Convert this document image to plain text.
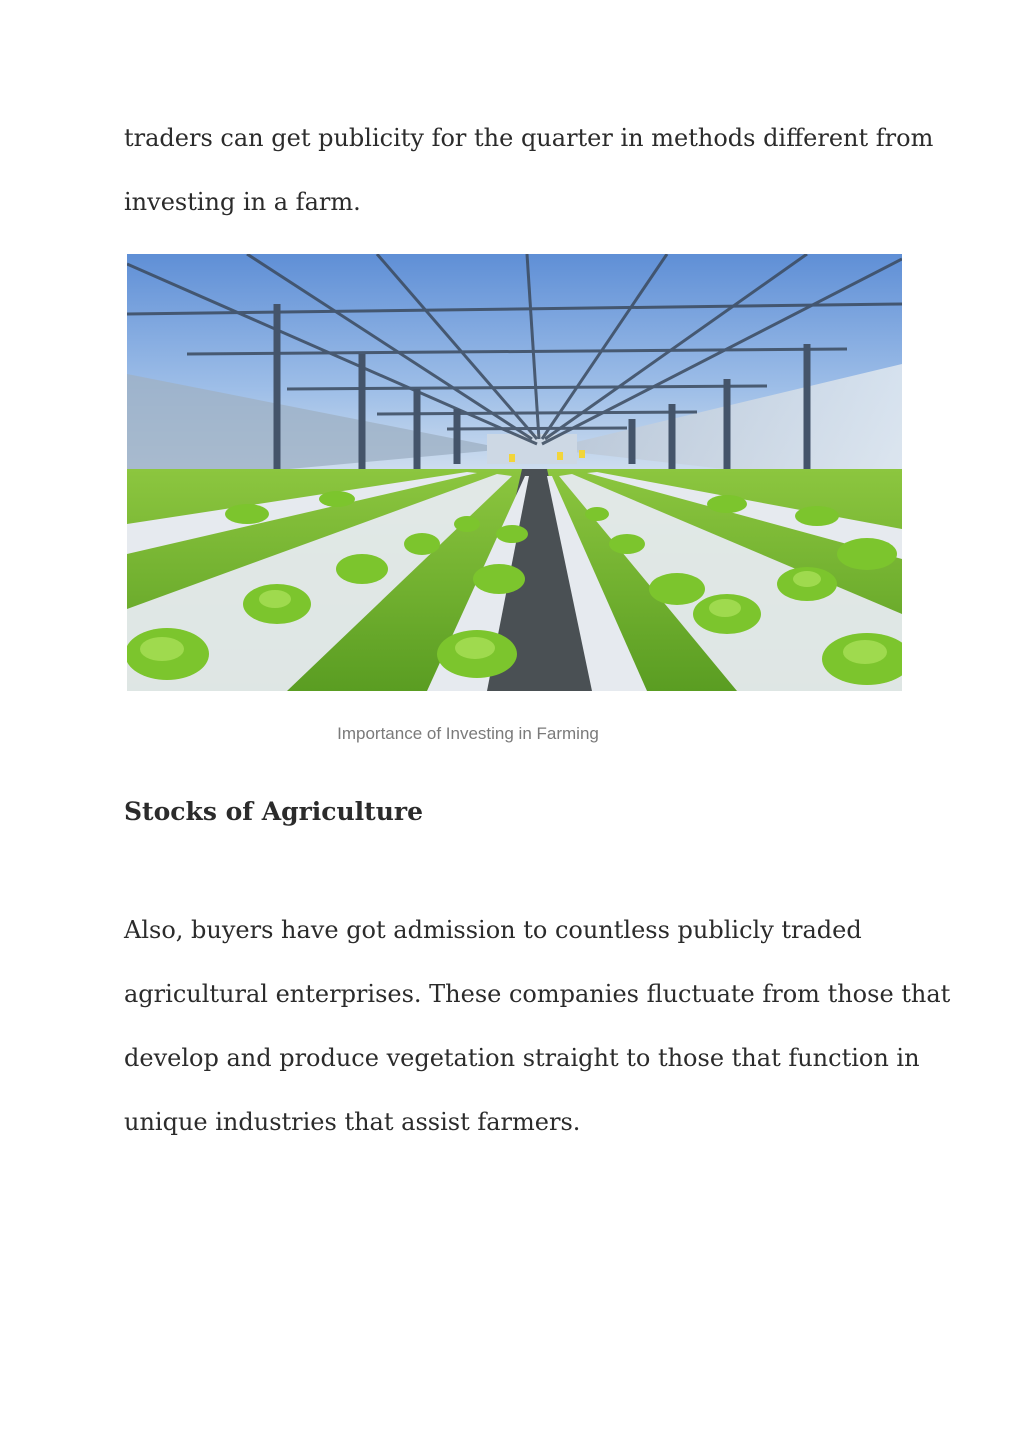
traders can get publicity for the quarter in methods different from
investing in a farm.

Importance of Investing in Farming
Stocks of Agriculture

Also, buyers have got admission to countless publicly traded
agricultural enterprises. These companies fluctuate from those that
develop and produce vegetation straight to those that function in
unique industries that assist farmers.
